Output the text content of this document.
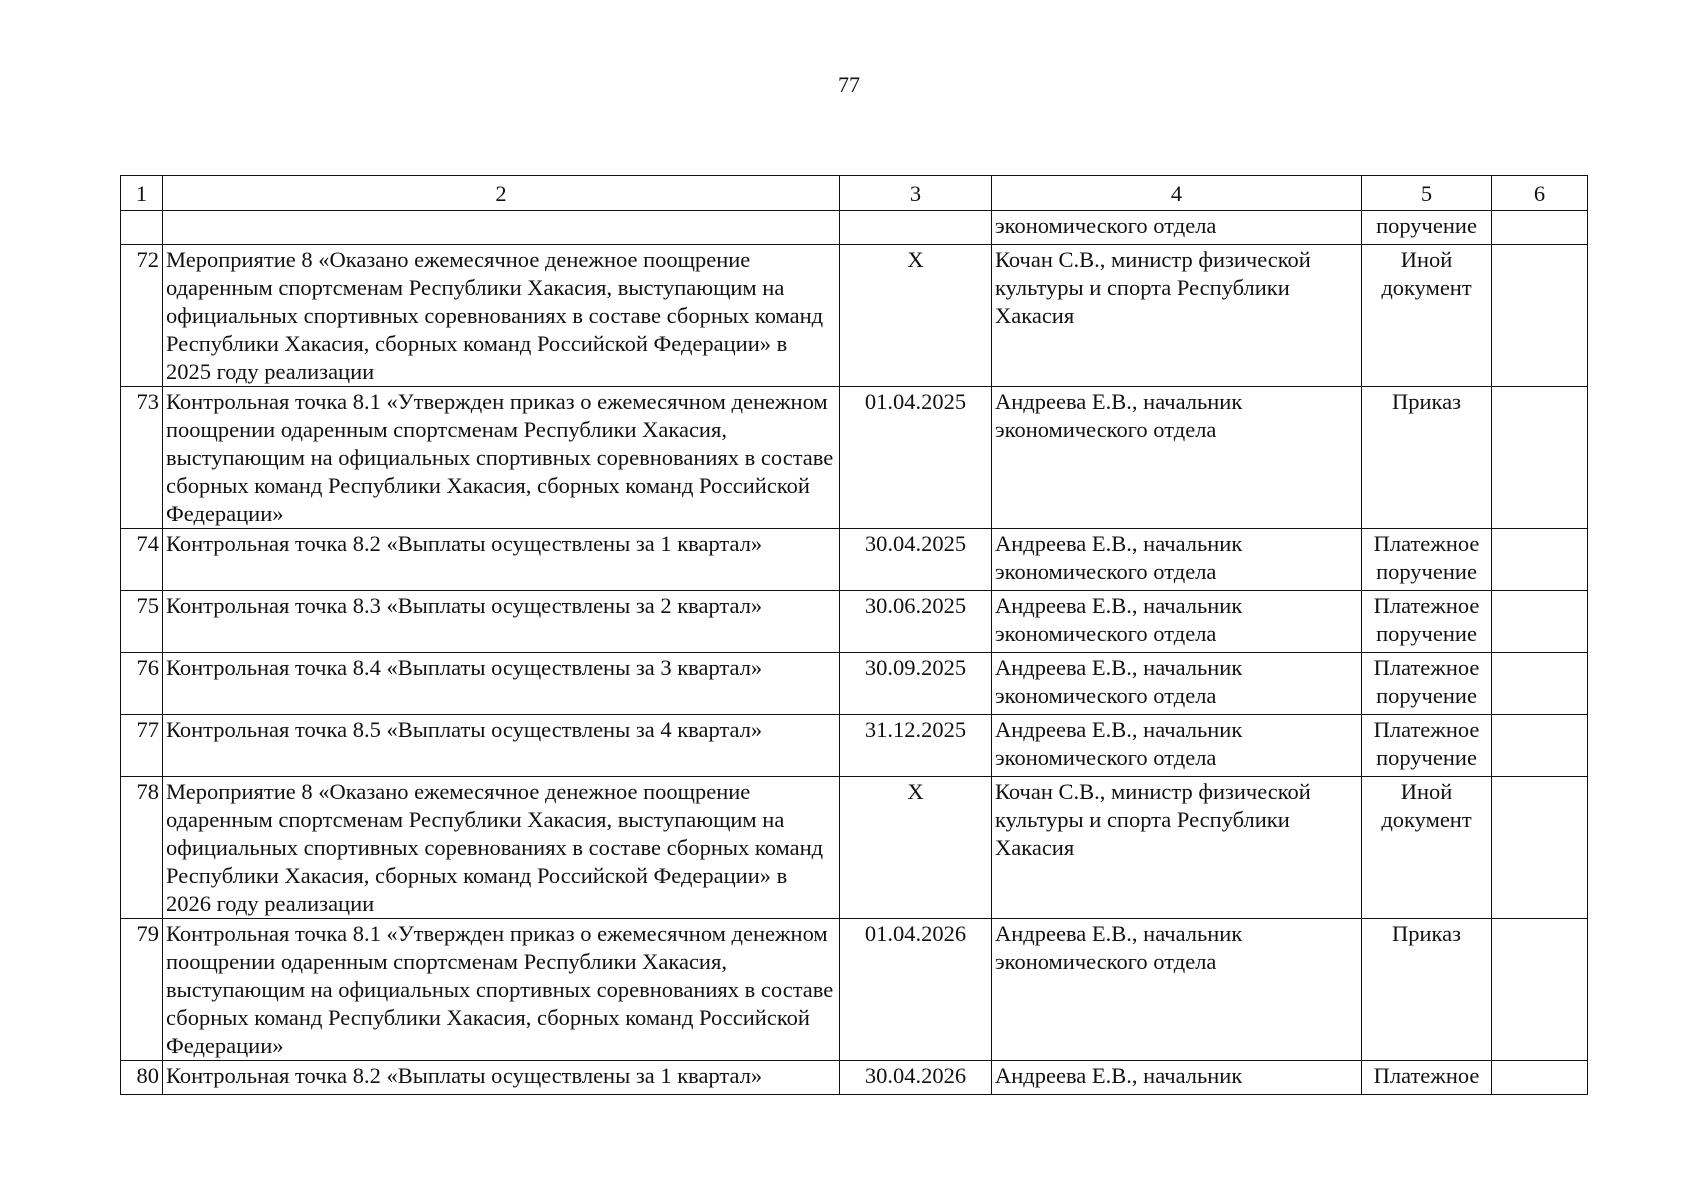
77
1	2	3	4	5	6
			экономического отдела	поручение	
72	Мероприятие 8 «Оказано ежемесячное денежное поощрение одаренным спортсменам Республики Хакасия, выступающим на официальных спортивных соревнованиях в составе сборных команд Республики Хакасия, сборных команд Российской Федерации» в 2025 году реализации	Х	Кочан С.В., министр физической культуры и спорта Республики Хакасия	Иной документ	
73	Контрольная точка 8.1 «Утвержден приказ о ежемесячном денежном поощрении одаренным спортсменам Республики Хакасия, выступающим на официальных спортивных соревнованиях в составе сборных команд Республики Хакасия, сборных команд Российской Федерации»	01.04.2025	Андреева Е.В., начальник экономического отдела	Приказ	
74	Контрольная точка 8.2 «Выплаты осуществлены за 1 квартал»	30.04.2025	Андреева Е.В., начальник экономического отдела	Платежное поручение	
75	Контрольная точка 8.3 «Выплаты осуществлены за 2 квартал»	30.06.2025	Андреева Е.В., начальник экономического отдела	Платежное поручение	
76	Контрольная точка 8.4 «Выплаты осуществлены за 3 квартал»	30.09.2025	Андреева Е.В., начальник экономического отдела	Платежное поручение	
77	Контрольная точка 8.5 «Выплаты осуществлены за 4 квартал»	31.12.2025	Андреева Е.В., начальник экономического отдела	Платежное поручение	
78	Мероприятие 8 «Оказано ежемесячное денежное поощрение одаренным спортсменам Республики Хакасия, выступающим на официальных спортивных соревнованиях в составе сборных команд Республики Хакасия, сборных команд Российской Федерации» в 2026 году реализации	Х	Кочан С.В., министр физической культуры и спорта Республики Хакасия	Иной документ	
79	Контрольная точка 8.1 «Утвержден приказ о ежемесячном денежном поощрении одаренным спортсменам Республики Хакасия, выступающим на официальных спортивных соревнованиях в составе сборных команд Республики Хакасия, сборных команд Российской Федерации»	01.04.2026	Андреева Е.В., начальник экономического отдела	Приказ	
80	Контрольная точка 8.2 «Выплаты осуществлены за 1 квартал»	30.04.2026	Андреева Е.В., начальник	Платежное	
